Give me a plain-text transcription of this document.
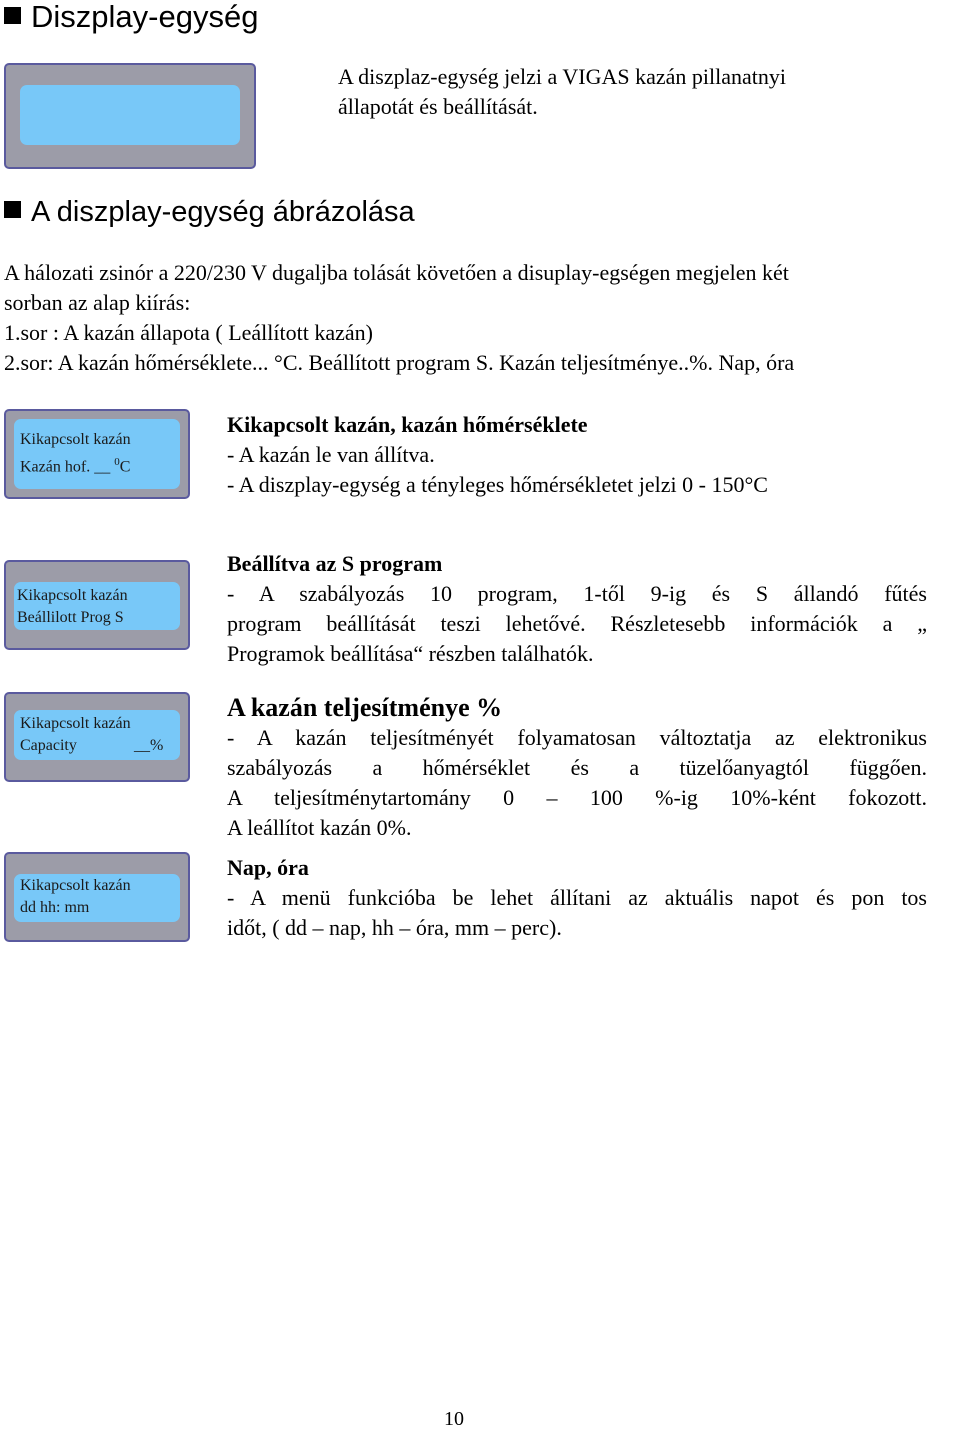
Diszplay-egység
A diszplaz-egység jelzi a VIGAS kazán pillanatnyi
állapotát és beállítását.
A diszplay-egység ábrázolása
A hálozati zsinór a 220/230 V dugaljba tolását követően a disuplay-egségen megjelen két
sorban az alap kiírás:
1.sor : A kazán állapota ( Leállított kazán)
2.sor: A kazán hőmérséklete... °C. Beállított program S. Kazán teljesítménye..%. Nap, óra
Kikapcsolt kazán
Kazán hof. __ $^0$C
Kikapcsolt kazán, kazán hőmérséklete
- A kazán le van állítva.
- A diszplay-egység a tényleges hőmérsékletet jelzi 0 - 150°C
Kikapcsolt kazán
Beállilott Prog S
Beállítva az S program
- A szabályozás 10 program, 1-től 9-ig és S állandó fűtés
program beállítását teszi lehetővé. Részletesebb információk a „
Programok beállítása“ részben találhatók.
Kikapcsolt kazán
Capacity	__%
A kazán teljesítménye %
- A kazán teljesítményét folyamatosan változtatja az elektronikus
szabályozás a hőmérséklet és a tüzelőanyagtól függően.
A teljesítménytartomány 0 – 100 %-ig 10%-ként fokozott.
A leállítot kazán 0%.
Kikapcsolt kazán
dd hh: mm
Nap, óra
- A menü funkcióba be lehet állítani az aktuális napot és pon tos
időt, ( dd – nap, hh – óra, mm – perc).
10
